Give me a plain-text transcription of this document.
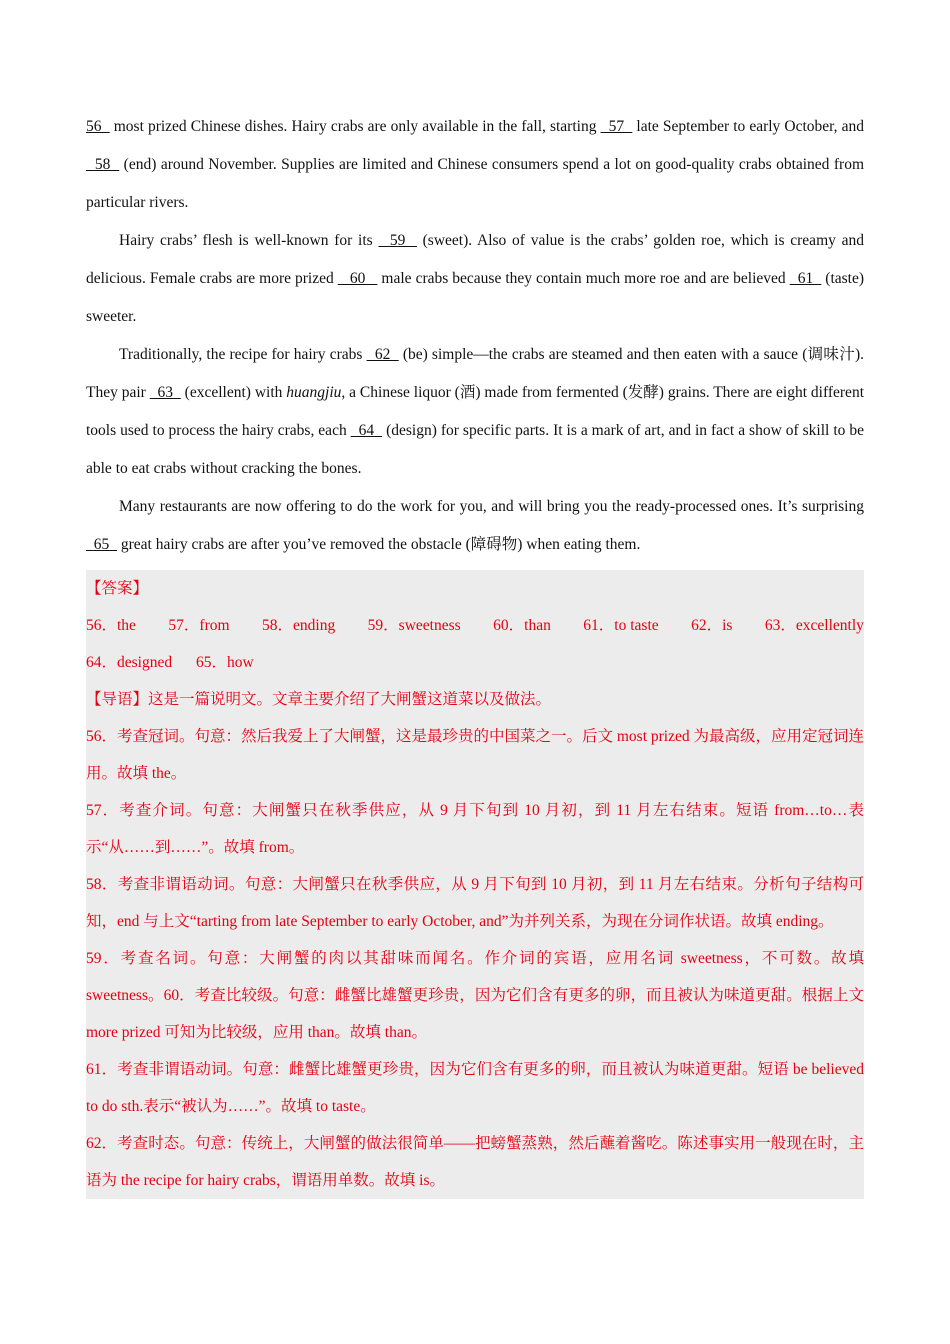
56   most prized Chinese dishes. Hairy crabs are only available in the fall, starting   57   late September to early October, and   58   (end) around November. Supplies are limited and Chinese consumers spend a lot on good-quality crabs obtained from particular rivers.

Hairy crabs’ flesh is well-known for its   59   (sweet). Also of value is the crabs’ golden roe, which is creamy and delicious. Female crabs are more prized    60    male crabs because they contain much more roe and are believed   61   (taste) sweeter.

Traditionally, the recipe for hairy crabs   62   (be) simple—the crabs are steamed and then eaten with a sauce (调味汁). They pair   63   (excellent) with huangjiu, a Chinese liquor (酒) made from fermented (发酵) grains. There are eight different tools used to process the hairy crabs, each   64   (design) for specific parts. It is a mark of art, and in fact a show of skill to be able to eat crabs without cracking the bones.

Many restaurants are now offering to do the work for you, and will bring you the ready-processed ones. It’s surprising   65   great hairy crabs are after you’ve removed the obstacle (障碍物) when eating them.

【答案】

56．the 57．from 58．ending 59．sweetness 60．than 61．to taste 62．is 63．excellently
64．designed 65．how

【导语】这是一篇说明文。文章主要介绍了大闸蟹这道菜以及做法。

56．考查冠词。句意：然后我爱上了大闸蟹，这是最珍贵的中国菜之一。后文 most prized 为最高级，应用定冠词连用。故填 the。

57．考查介词。句意：大闸蟹只在秋季供应，从 9 月下旬到 10 月初，到 11 月左右结束。短语 from…to…表示“从……到……”。故填 from。

58．考查非谓语动词。句意：大闸蟹只在秋季供应，从 9 月下旬到 10 月初，到 11 月左右结束。分析句子结构可知，end 与上文“tarting from late September to early October, and”为并列关系，为现在分词作状语。故填 ending。

59．考查名词。句意：大闸蟹的肉以其甜味而闻名。作介词的宾语，应用名词 sweetness，不可数。故填 sweetness。60．考查比较级。句意：雌蟹比雄蟹更珍贵，因为它们含有更多的卵，而且被认为味道更甜。根据上文 more prized 可知为比较级，应用 than。故填 than。

61．考查非谓语动词。句意：雌蟹比雄蟹更珍贵，因为它们含有更多的卵，而且被认为味道更甜。短语 be believed to do sth.表示“被认为……”。故填 to taste。

62．考查时态。句意：传统上，大闸蟹的做法很简单——把螃蟹蒸熟，然后蘸着酱吃。陈述事实用一般现在时，主语为 the recipe for hairy crabs，谓语用单数。故填 is。
